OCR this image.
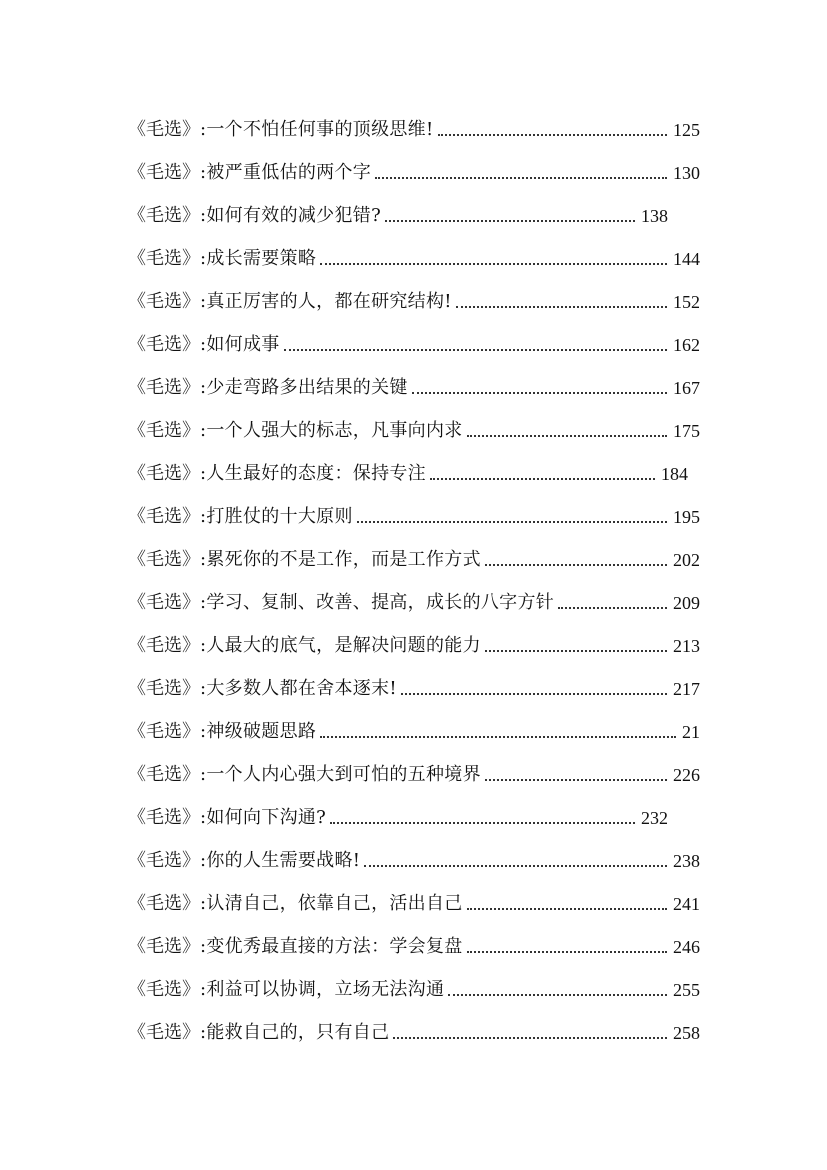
《毛选》 :一个不怕任何事的顶级思维!	125
《毛选》 :被严重低估的两个字	130
《毛选》 :如何有效的减少犯错?	138
《毛选》 :成长需要策略	144
《毛选》 :真正厉害的人，都在研究结构!	152
《毛选》 :如何成事	162
《毛选》 :少走弯路多出结果的关键	167
《毛选》 :一个人强大的标志，凡事向内求	175
《毛选》 :人生最好的态度：保持专注	184
《毛选》 :打胜仗的十大原则	195
《毛选》 :累死你的不是工作，而是工作方式	202
《毛选》 :学习、复制、改善、提高，成长的八字方针	209
《毛选》 :人最大的底气，是解决问题的能力	213
《毛选》 :大多数人都在舍本逐末!	217
《毛选》 :神级破题思路	21
《毛选》 :一个人内心强大到可怕的五种境界	226
《毛选》 :如何向下沟通?	232
《毛选》 :你的人生需要战略!	238
《毛选》 :认清自己，依靠自己，活出自己	241
《毛选》 :变优秀最直接的方法：学会复盘	246
《毛选》 :利益可以协调，立场无法沟通	255
《毛选》 :能救自己的，只有自己	258
